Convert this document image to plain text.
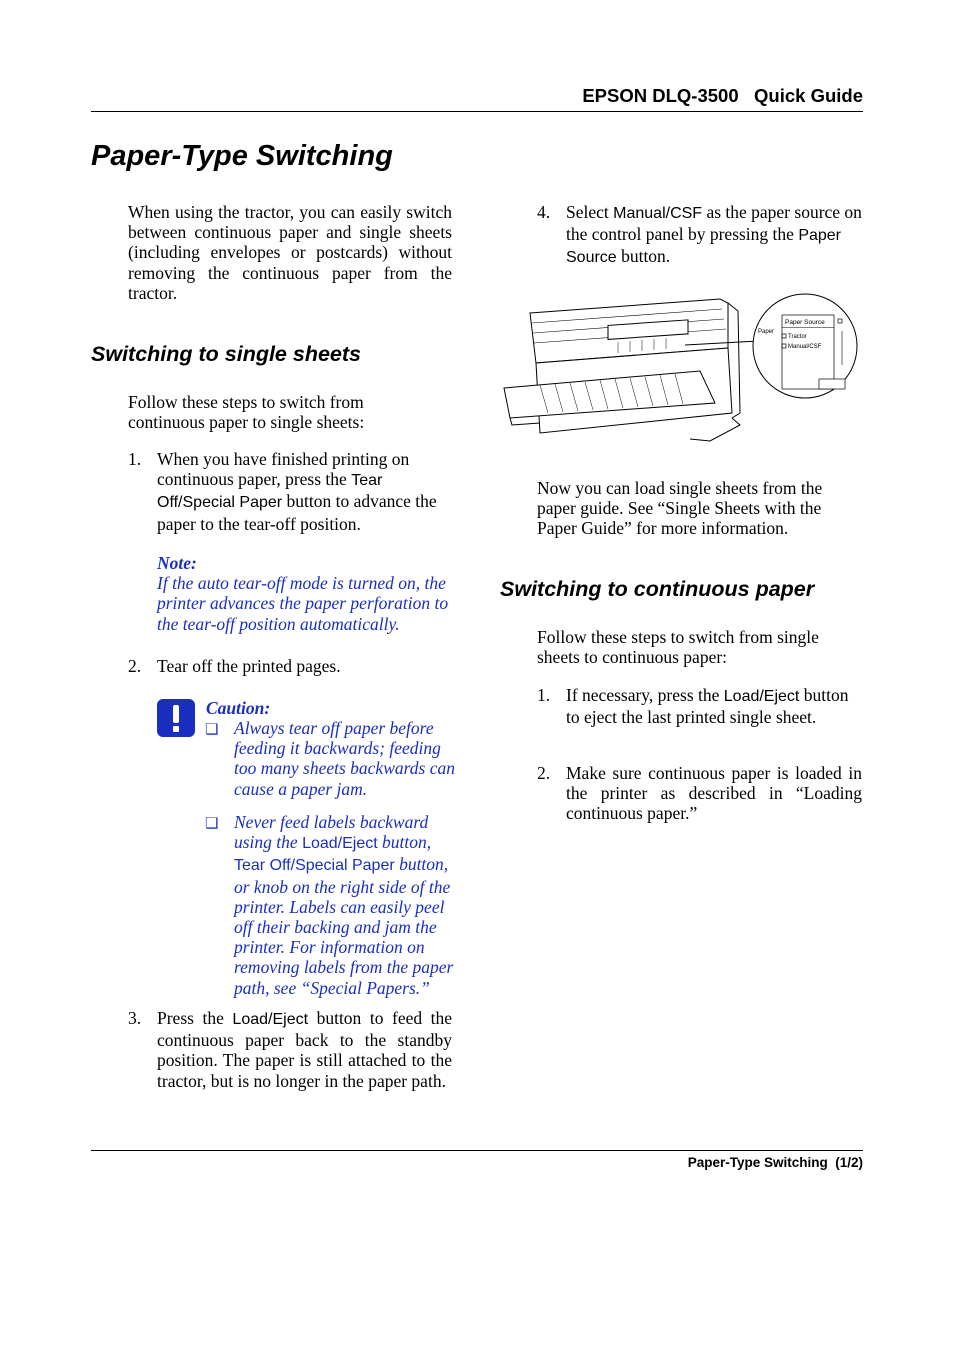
EPSON DLQ-3500   Quick Guide
Paper-Type Switching

When using the tractor, you can easily switch between continuous paper and single sheets (including envelopes or postcards) without removing the continuous paper from the tractor.

Switching to single sheets

Follow these steps to switch from continuous paper to single sheets:

1. When you have finished printing on continuous paper, press the Tear Off/Special Paper button to advance the paper to the tear-off position.

Note:
If the auto tear-off mode is turned on, the printer advances the paper perforation to the tear-off position automatically.

2. Tear off the printed pages.

Caution:

❏ Always tear off paper before feeding it backwards; feeding too many sheets backwards can cause a paper jam.

❏ Never feed labels backward using the Load/Eject button, Tear Off/Special Paper button, or knob on the right side of the printer. Labels can easily peel off their backing and jam the printer. For information on removing labels from the paper path, see “Special Papers.”

3. Press the Load/Eject button to feed the continuous paper back to the standby position. The paper is still attached to the tractor, but is no longer in the paper path.

4. Select Manual/CSF as the paper source on the control panel by pressing the Paper Source button.

Paper
Paper Source
Tractor
Manual/CSF

Now you can load single sheets from the paper guide. See “Single Sheets with the Paper Guide” for more information.

Switching to continuous paper

Follow these steps to switch from single sheets to continuous paper:

1. If necessary, press the Load/Eject button to eject the last printed single sheet.

2. Make sure continuous paper is loaded in the printer as described in “Loading continuous paper.”

Paper-Type Switching  (1/2)
